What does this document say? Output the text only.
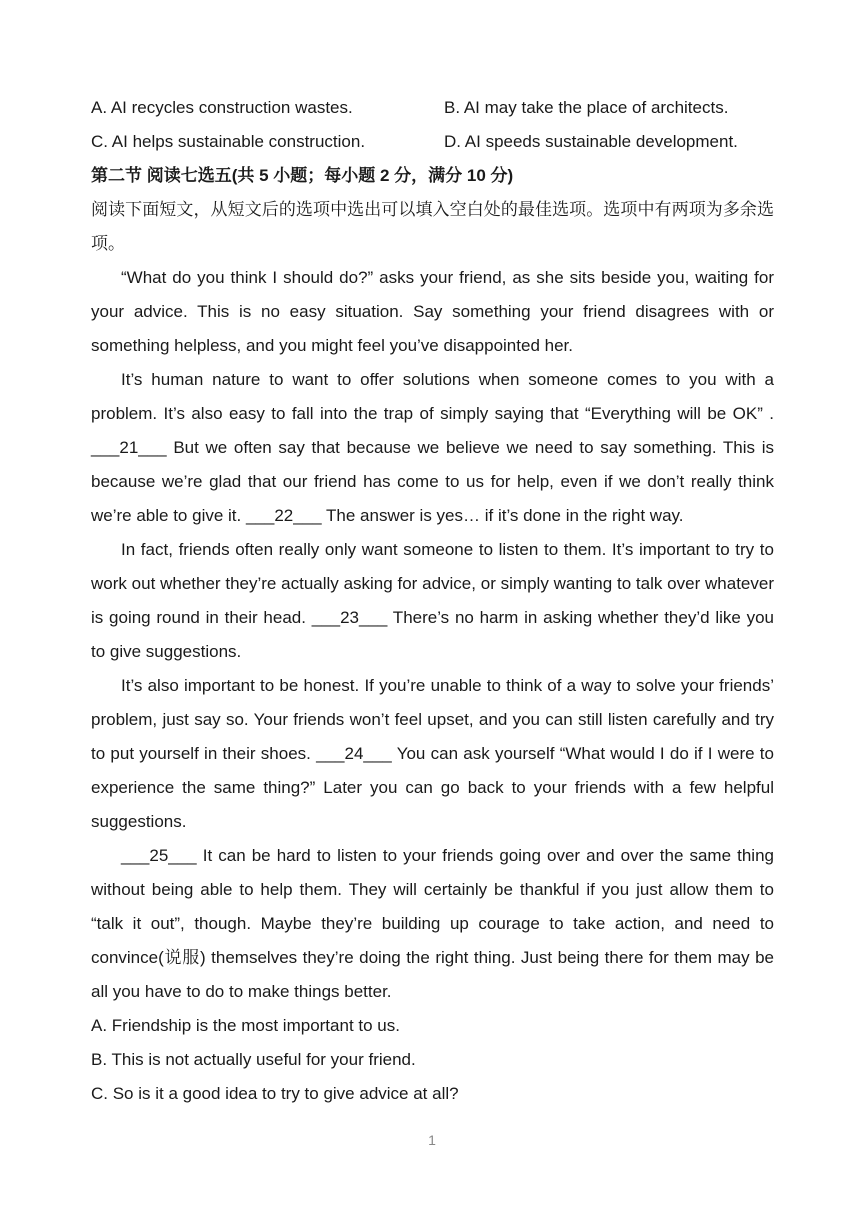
A. AI recycles construction wastes.	B. AI may take the place of architects.
C. AI helps sustainable construction.	D. AI speeds sustainable development.
第二节 阅读七选五(共 5 小题；每小题 2 分，满分 10 分)
阅读下面短文，从短文后的选项中选出可以填入空白处的最佳选项。选项中有两项为多余选项。

“What do you think I should do?” asks your friend, as she sits beside you, waiting for your advice. This is no easy situation. Say something your friend disagrees with or something helpless, and you might feel you’ve disappointed her.

It’s human nature to want to offer solutions when someone comes to you with a problem. It’s also easy to fall into the trap of simply saying that “Everything will be OK” . ___21___ But we often say that because we believe we need to say something. This is because we’re glad that our friend has come to us for help, even if we don’t really think we’re able to give it. ___22___ The answer is yes… if it’s done in the right way.

In fact, friends often really only want someone to listen to them. It’s important to try to work out whether they’re actually asking for advice, or simply wanting to talk over whatever is going round in their head. ___23___ There’s no harm in asking whether they’d like you to give suggestions.

It’s also important to be honest. If you’re unable to think of a way to solve your friends’ problem, just say so. Your friends won’t feel upset, and you can still listen carefully and try to put yourself in their shoes. ___24___ You can ask yourself “What would I do if I were to experience the same thing?” Later you can go back to your friends with a few helpful suggestions.

___25___ It can be hard to listen to your friends going over and over the same thing without being able to help them. They will certainly be thankful if you just allow them to “talk it out”, though. Maybe they’re building up courage to take action, and need to convince(说服) themselves they’re doing the right thing. Just being there for them may be all you have to do to make things better.

A. Friendship is the most important to us.
B. This is not actually useful for your friend.
C. So is it a good idea to try to give advice at all?
1
